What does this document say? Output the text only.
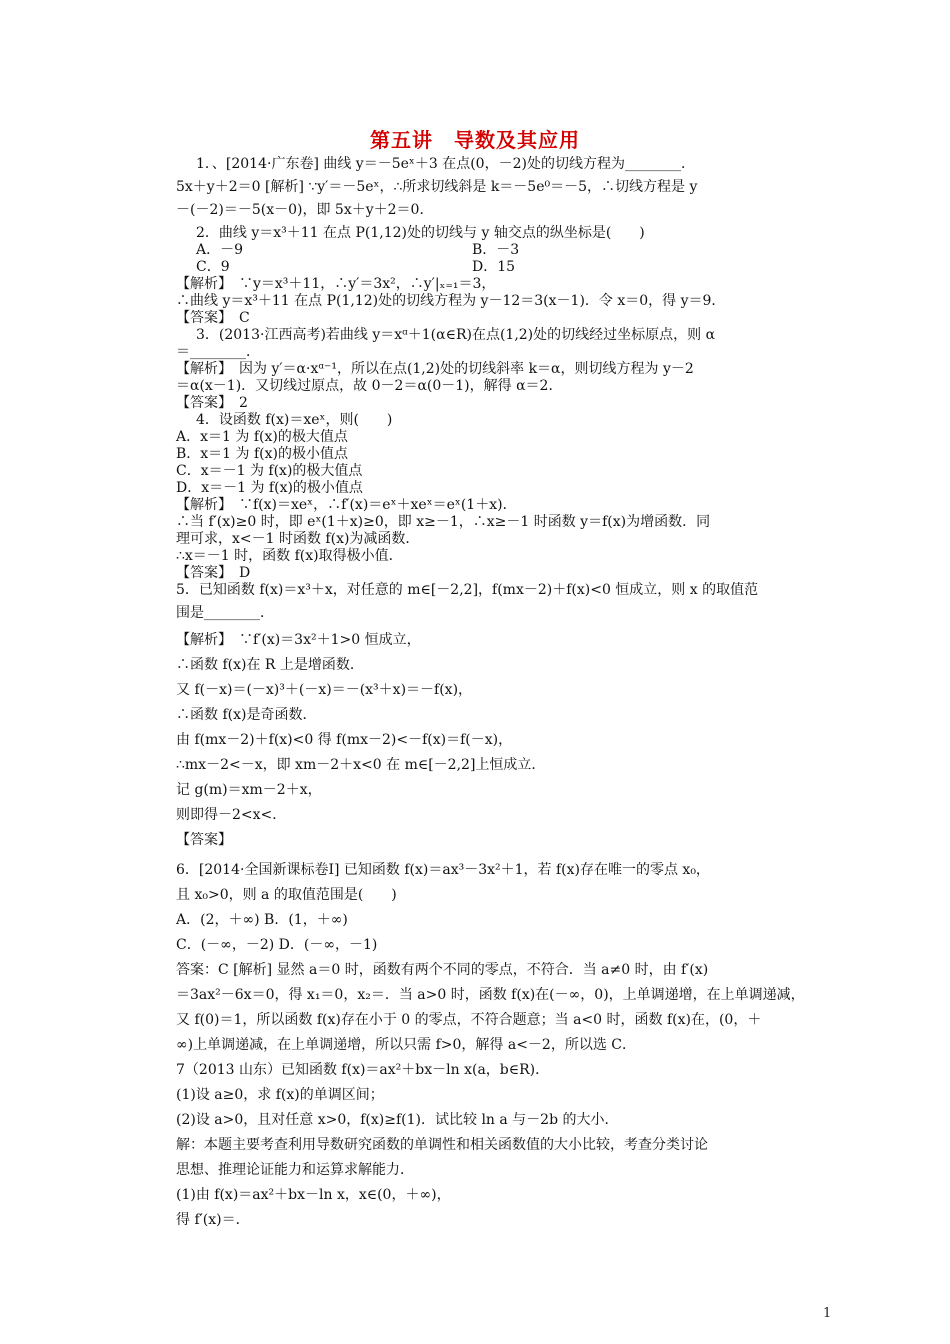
第五讲　导数及其应用
1．、[2014·广东卷] 曲线 y＝－5eˣ＋3 在点(0，－2)处的切线方程为________．
5x＋y＋2＝0 [解析] ∵y′＝－5eˣ，∴所求切线斜是 k＝－5e⁰＝－5，∴切线方程是 y
－(－2)＝－5(x－0)，即 5x＋y＋2＝0．
2．曲线 y＝x³＋11 在点 P(1,12)处的切线与 y 轴交点的纵坐标是(　　)
A．－9	B．－3
C．9	D．15
【解析】　∵y＝x³＋11，∴y′＝3x²，∴y′|ₓ₌₁＝3，
∴曲线 y＝x³＋11 在点 P(1,12)处的切线方程为 y－12＝3(x－1)．令 x＝0，得 y＝9．
【答案】　C
3．(2013·江西高考)若曲线 y＝xᵅ＋1(α∈R)在点(1,2)处的切线经过坐标原点，则 α
＝________．
【解析】　因为 y′＝α·xᵅ⁻¹，所以在点(1,2)处的切线斜率 k＝α，则切线方程为 y－2
＝α(x－1)．又切线过原点，故 0－2＝α(0－1)，解得 α＝2．
【答案】　2
4．设函数 f(x)＝xeˣ，则(　　)
A．x＝1 为 f(x)的极大值点
B．x＝1 为 f(x)的极小值点
C．x＝－1 为 f(x)的极大值点
D．x＝－1 为 f(x)的极小值点
【解析】　∵f(x)＝xeˣ，∴f′(x)＝eˣ＋xeˣ＝eˣ(1＋x)．
∴当 f′(x)≥0 时，即 eˣ(1＋x)≥0，即 x≥－1，∴x≥－1 时函数 y＝f(x)为增函数．同
理可求，x<－1 时函数 f(x)为减函数．
∴x＝－1 时，函数 f(x)取得极小值．
【答案】　D
5．已知函数 f(x)＝x³＋x，对任意的 m∈[－2,2]，f(mx－2)＋f(x)<0 恒成立，则 x 的取值范
围是________．
【解析】　∵f′(x)＝3x²＋1>0 恒成立，
∴函数 f(x)在 R 上是增函数．
又 f(－x)＝(－x)³＋(－x)＝－(x³＋x)＝－f(x)，
∴函数 f(x)是奇函数．
由 f(mx－2)＋f(x)<0 得 f(mx－2)<－f(x)＝f(－x)，
∴mx－2<－x，即 xm－2＋x<0 在 m∈[－2,2]上恒成立．
记 g(m)＝xm－2＋x，
则即得－2<x<．
【答案】
6．[2014·全国新课标卷Ⅰ] 已知函数 f(x)＝ax³－3x²＋1，若 f(x)存在唯一的零点 x₀，
且 x₀>0，则 a 的取值范围是(　　)
A．(2，＋∞) B．(1，＋∞)
C．(－∞，－2) D．(－∞，－1)
答案：C [解析] 显然 a＝0 时，函数有两个不同的零点，不符合．当 a≠0 时，由 f′(x)
＝3ax²－6x＝0，得 x₁＝0，x₂＝．当 a>0 时，函数 f(x)在(－∞，0)，上单调递增，在上单调递减，
又 f(0)＝1，所以函数 f(x)存在小于 0 的零点，不符合题意；当 a<0 时，函数 f(x)在，(0，＋
∞)上单调递减，在上单调递增，所以只需 f>0，解得 a<－2，所以选 C．
7（2013 山东）已知函数 f(x)＝ax²＋bx－ln x(a，b∈R)．
(1)设 a≥0，求 f(x)的单调区间；
(2)设 a>0，且对任意 x>0，f(x)≥f(1)．试比较 ln a 与－2b 的大小．
解：本题主要考查利用导数研究函数的单调性和相关函数值的大小比较，考查分类讨论
思想、推理论证能力和运算求解能力．
(1)由 f(x)＝ax²＋bx－ln x，x∈(0，＋∞)，
得 f′(x)＝．
1
